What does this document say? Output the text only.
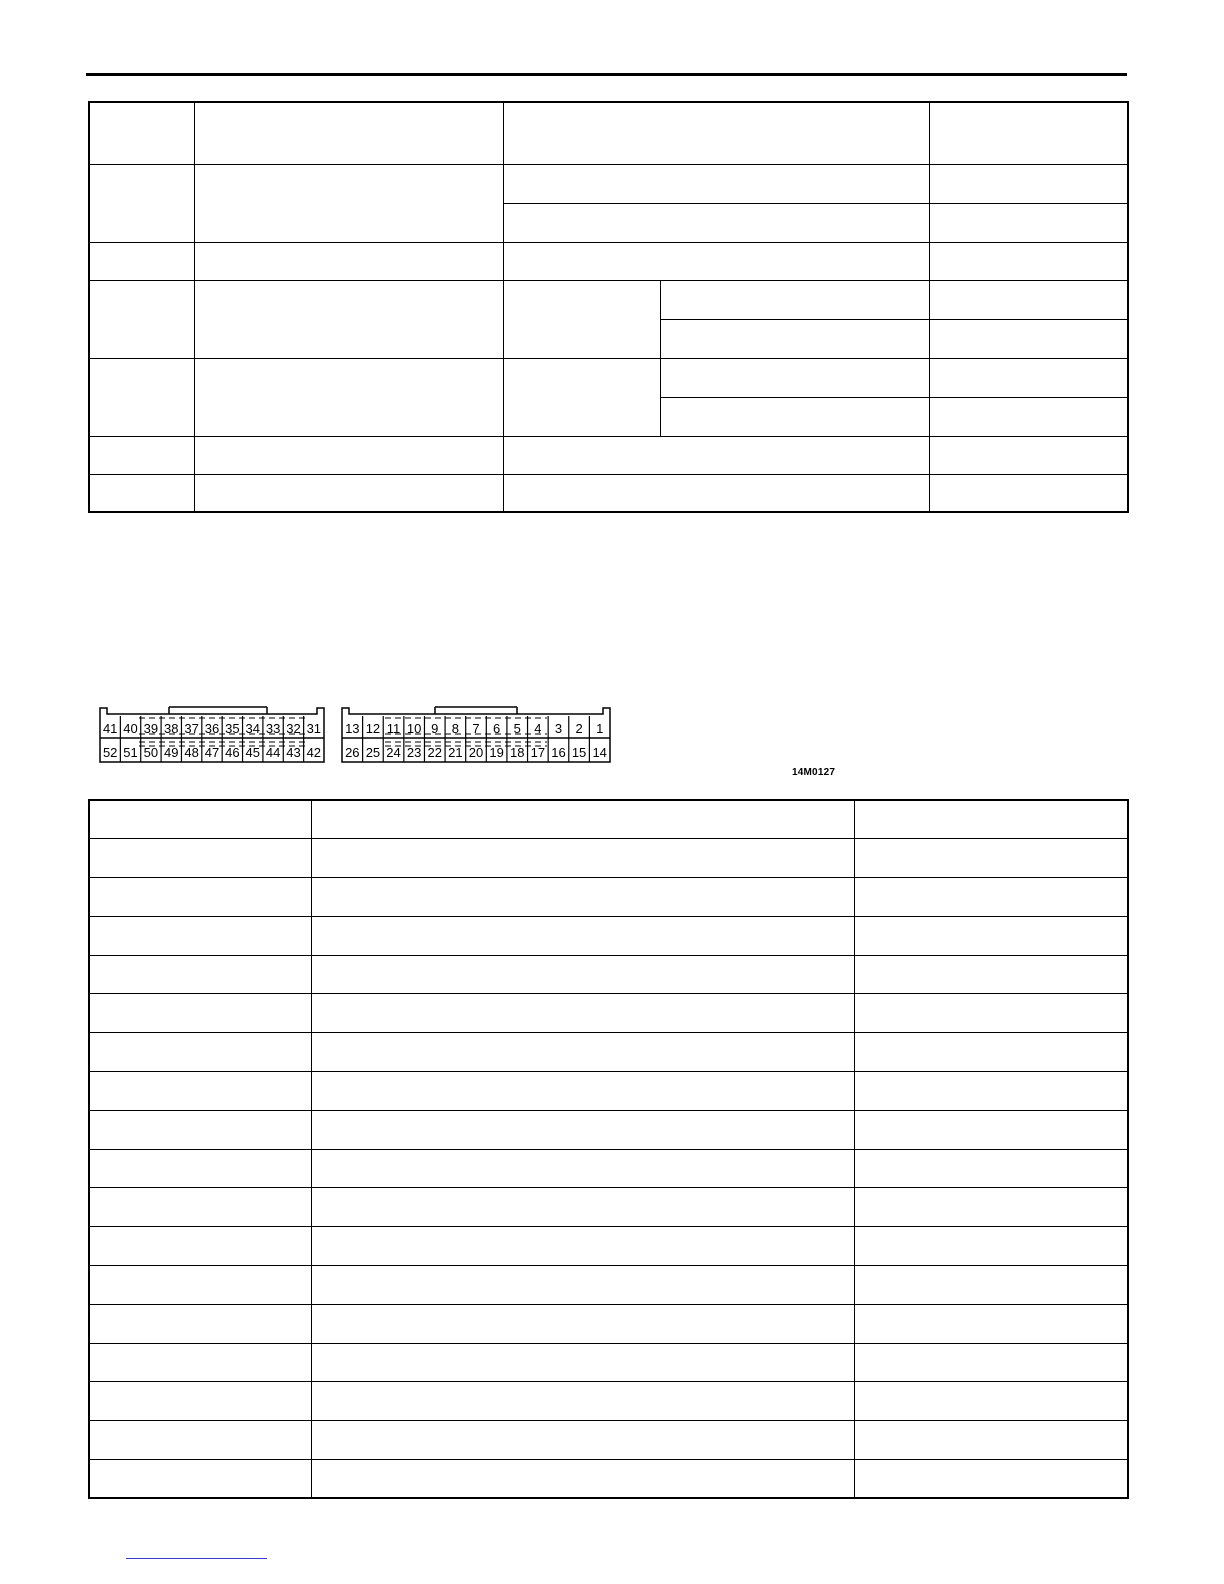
41 40 39 38 37 36 35 34 33 32 31
52 51 50 49 48 47 46 45 44 43 42
13 12 11 10 9 8 7 6 5 4 3 2 1
26 25 24 23 22 21 20 19 18 17 16 15 14
14M0127
